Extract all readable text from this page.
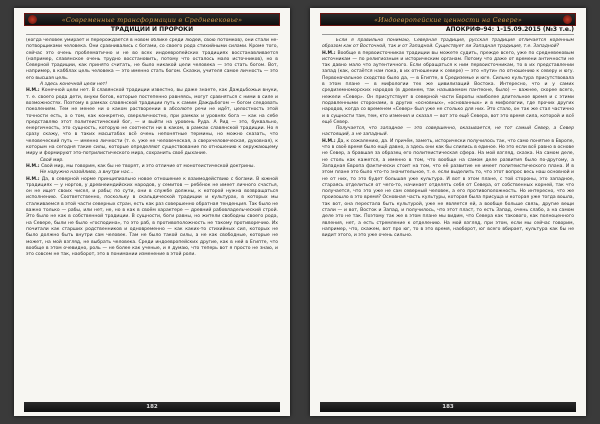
«Современные трансформации в Средневековье»
ТРАДИЦИИ И ПРОРОКИ

(когда человек умирает и перерождается в новом облике среди людей, свою потомков), они стали не-потворщиками человека. Они сравнивались с богами, со своего рода стихийными силами. Кроме того, сейчас это очень проблематично и не во всех индоевропейских традициях восстанавливается (например, славянское очень трудно восстановить, потому что осталось мало источников), но в Северной традиции, как принято считать, не было никакой цели человека — это стать богом. Вот, например, в кабблах цель человека — это именно стать богом. Сказки, учителя самое личность — это его высшая цель.

А здесь конечной цели нет!

Н.М.: Конечной цели нет. В славянской традиции известно, вы даже знаете, как Даждьбожьи внуки, т. е. своего рода дети, внуки богов, которые постепенно равняясь, могут сравняться с ними в силе и возможностях. Поэтому в рамках славянской традиции путь к самим Даждьбогом — богом следовать поколениям. Тем не менее ни о каком растворении в абсолюте речи не идёт, целостность этой точности есть, а о том, как конкретно, сверхличностно, при рамках и уровнях бога — как на себе представляю этот политеистический бог, — и выйти на уровень Руда. А Рид — это, буквально, енергичность, это сущность, которую не соотнести ни в каком, в рамках славянской традиции. Но я сразу скажу, что в таких масштабах всё очень непонятные термины, но можно сказать, что человеческий путь — именно личности (т. е. уже не человеческая, а сверхчеловеческая, духовная), к которым на сегодня такие силы, которые определяют существование по отношению к окружающему миру и формируют это-потрилистического мира, сохранить своё дыхание.

Свой мир.

Н.М.: Свой мир, мы говорим, как бы не творят, и это отличие от монотеистической доктрины.

Не наружно назойливо, а внутри нас...

Н.М.: Да, в северной норме принципиально новое отношение к взаимодействию с богами. В южной традициях — у норгов, у древнеиндийских народов, у семитов — ребёнок не имеет личного счастья, он не ищет своих чисел, и рабы; по сути, они в службе должны, к которой нужна возвращаться исполнению. Соответственно, поскольку в скальдической традиции и культурах, в которых мы сталкиваемся в этой части северных стран, есть как раз совершенно обратная тенденция. Так было не важно только — рабы, или нет, не, но в как в своём характере — древний рабовладельческий строй. Это было не как в собственной традиции. В сущности, боги равны, но жители свободны своего рода, на Севере, были не было «господина», то это раб, в противоположность не такому противоречию. Их почитали как старших родственников и одновременно — как каких-то стихийных сил, которых не было должно быть внутри сам человек. Там не было такой силы, а не как свободные, которые не может, на мой взгляд, не выбрать человека. Среди индоевропейских другие, как в ней в Египте, что вообще в этом очевидно, роль — не более как ученые, и я думаю, что теперь вот я просто не знаю, и это совсем не так, наоборот, это в понимании изменение в этой роли.

182
«Индоевропейские ценности на Севере»
АПОКРИФ-94: 1-15.09.2015 (№3 т.е.)

Если я правильно понимаю, Северная традиция, русская традиция отличается коренным образом как от Восточной, так и от Западной. Существует ли Западная традиция, т.е. Западной?

Н.М.: Вообще в первоисточниках традиции вы можете судить, прежде всего, уже по средневековым источникам — по религиозным и историческим органам. Потому что даже от времени античности не так давно мало что аутентичного. Если обращаться к ним первоисточникам, то в их представлении запад (как, остаётся нам пока, в их отношении к севере) — это «пути» по отношению к северу и югу. Первоначальное сходство было да, — в Египте, в Средиземье и юге. Сильно культура присутствовала в этом плане — в мифологии тех же цивилизаций Востока. Интересно, что и у самих средиземноморских народов (в древнем, так называемом пантеоне, было) — важнее, скорее всего, нежели «Север». Он присутствует в северной части Европы наиболее длительное время и с этими подавленными сторонами, в других «основных», «основанных» и в мифологии, где прочих других народов, когда со временем «Север» был уже не столько для них. Это стало, он так же стал частично и в сущности там, тем, кто изменил и сказал — вот это ещё Севера, вот это время сила, которой и всё ещё Север.

Получается, что западное — это совершенно, оказывается, не тот самый Север, а Север настоящий, а не западный.

Н.М.: Да, к сожалению, да. И причём, заметь, исторически получилось так, что само понятие в Европе, что в своё время было ещё давно, а здесь они как бы слились в единое. Но это если всё равно в основе не Север, а бравшая за образец его политеистическая сфера. На мой взгляд, сказка. На самом деле, не столь как кажется, а именно в том, что вообще на самом деле развития было по-другому, а Западная Европа фактически стоит на том, что её развитие не имеет политеистического плана. И в этом плане это было что-то значительное, т. е. если выделить то, что этот вопрос весь наш основной и не от них, то это будет большая уже культура. И вот в этом плане, с той стороны, это западное, стараясь отделиться от чего-то, начинает отделять себя от Севера, от собственных корней, так что получается, что это уже не сам северный человек, а его противоположность. Но интересно, что же произошло в это время? Основная часть культуры, которая была присуща и которая уже тогда вошла, так вот, она перестала быть культурой, уже не является ей, а вообще больше связь, другие вещи стали — и вот, Восток и Запад, и получилось, что этот пласт, то есть Запад, очень слабо, а на самом деле это не так. Поэтому так же в этом плане мы видим, что Севера как такового, как полноценного явления, нет, а есть стремление к отделению. На мой взгляд, при этом, если мы сейчас говорим, например, что, скажем, вот про юг, то в это время, наоборот, юг всего вбирает, культура как бы не видит этого, и это уже очень сильно.

183
